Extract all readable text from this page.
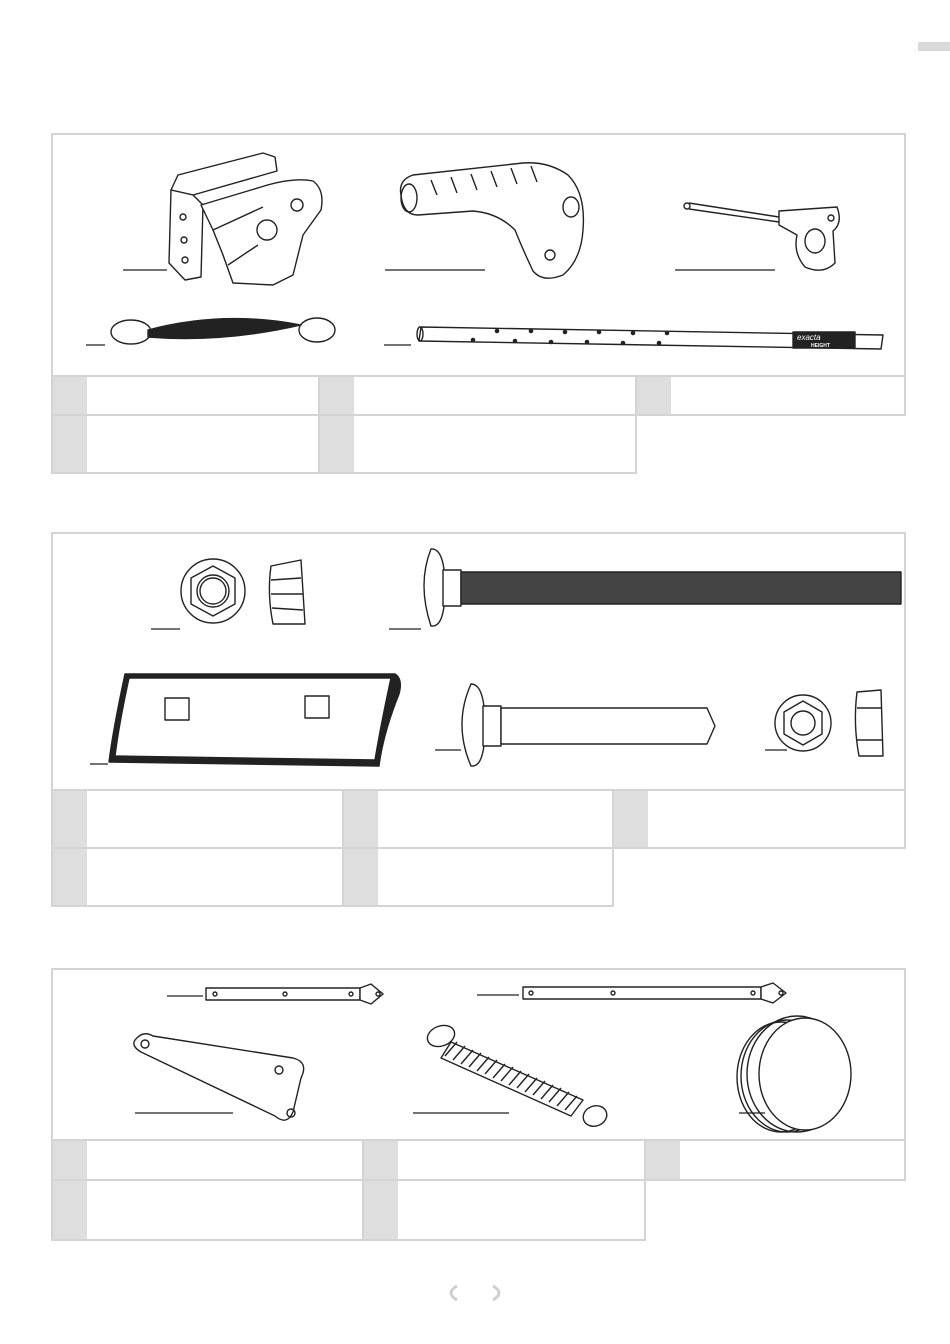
exacta
HEIGHT
